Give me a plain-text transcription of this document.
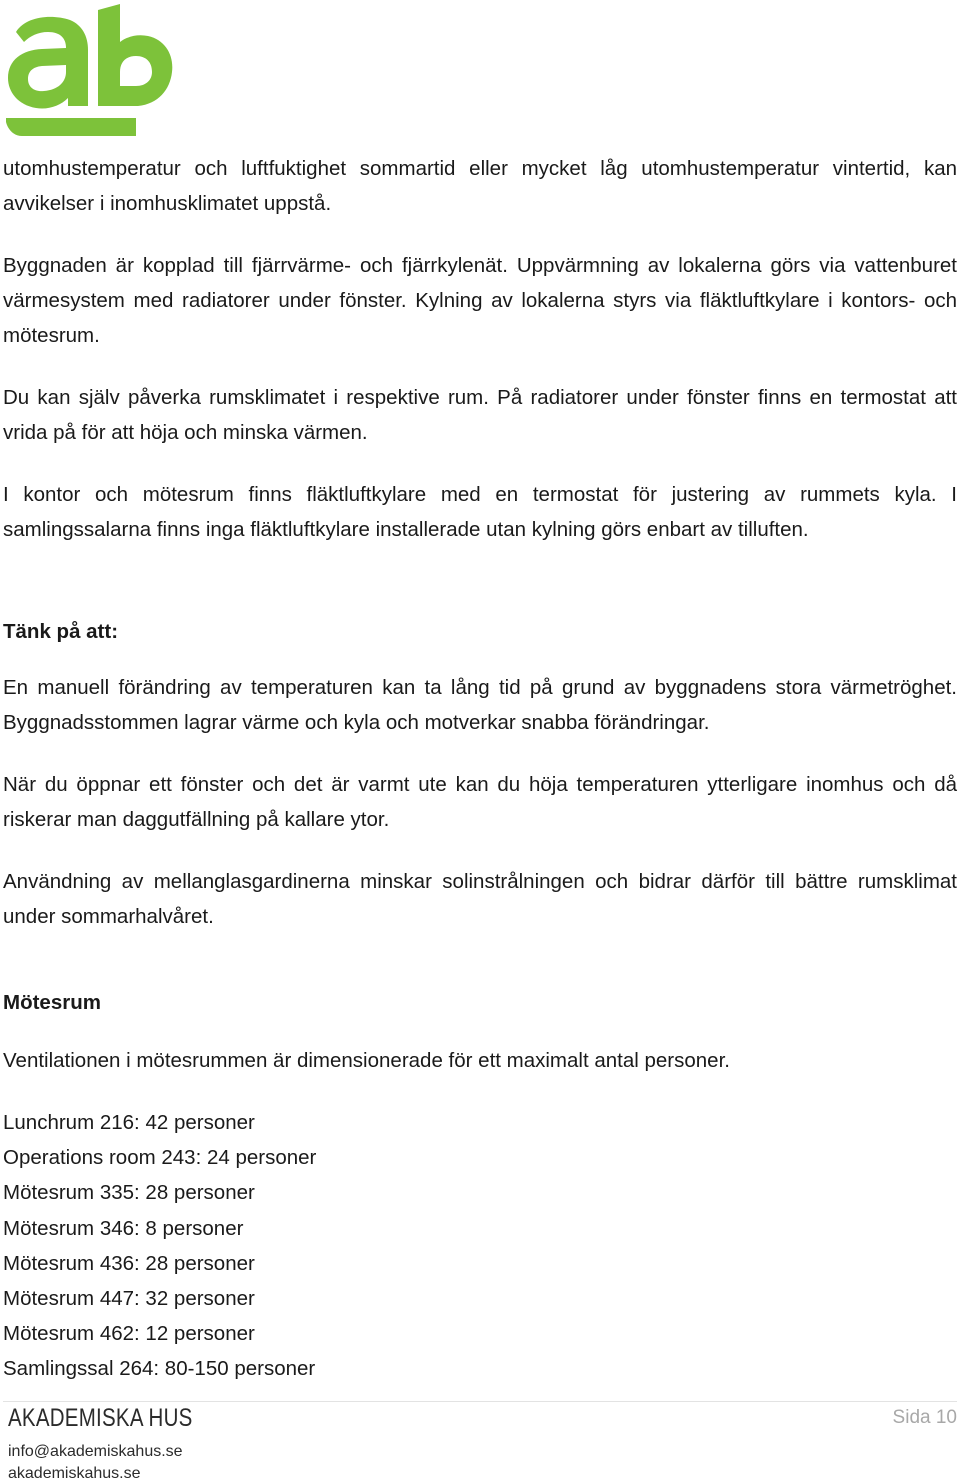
utomhustemperatur och luftfuktighet sommartid eller mycket låg utomhustemperatur vintertid, kan avvikelser i inomhusklimatet uppstå.

Byggnaden är kopplad till fjärrvärme- och fjärrkylenät. Uppvärmning av lokalerna görs via vattenburet värmesystem med radiatorer under fönster. Kylning av lokalerna styrs via fläktluftkylare i kontors- och mötesrum.

Du kan själv påverka rumsklimatet i respektive rum. På radiatorer under fönster finns en termostat att vrida på för att höja och minska värmen.

I kontor och mötesrum finns fläktluftkylare med en termostat för justering av rummets kyla. I samlingssalarna finns inga fläktluftkylare installerade utan kylning görs enbart av tilluften.

Tänk på att:

En manuell förändring av temperaturen kan ta lång tid på grund av byggnadens stora värmetröghet. Byggnadsstommen lagrar värme och kyla och motverkar snabba förändringar.

När du öppnar ett fönster och det är varmt ute kan du höja temperaturen ytterligare inomhus och då riskerar man daggutfällning på kallare ytor.

Användning av mellanglasgardinerna minskar solinstrålningen och bidrar därför till bättre rumsklimat under sommarhalvåret.

Mötesrum

Ventilationen i mötesrummen är dimensionerade för ett maximalt antal personer.

Lunchrum 216: 42 personer
Operations room 243: 24 personer
Mötesrum 335: 28 personer
Mötesrum 346: 8 personer
Mötesrum 436: 28 personer
Mötesrum 447: 32 personer
Mötesrum 462: 12 personer
Samlingssal 264: 80-150 personer
AKADEMISKA HUS
info@akademiskahus.se
akademiskahus.se
Sida 10
